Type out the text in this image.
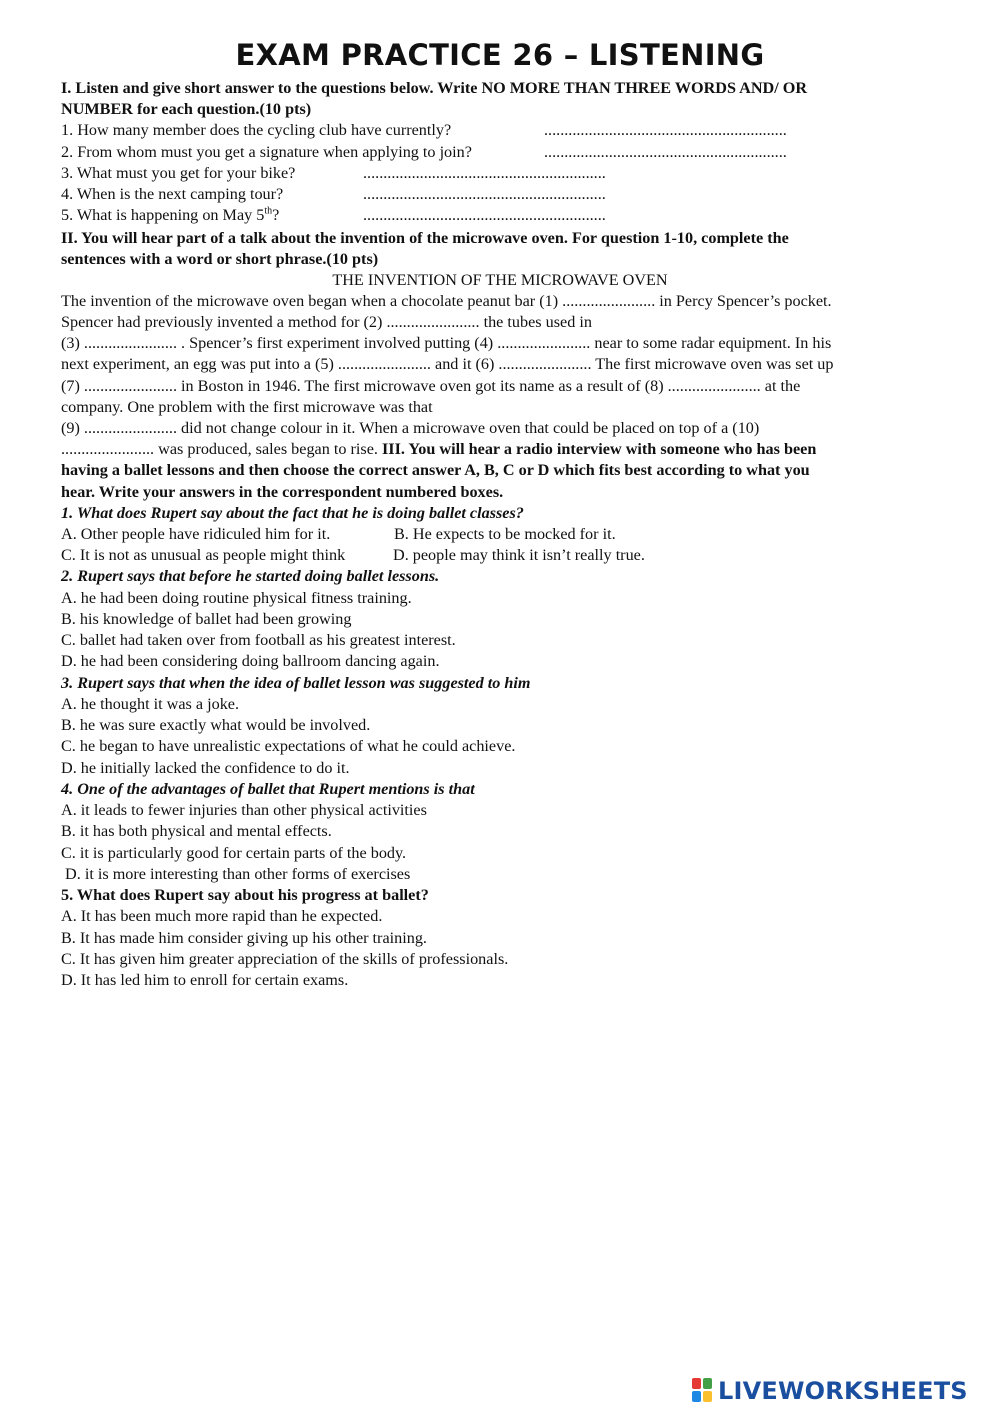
EXAM PRACTICE 26 – LISTENING
I. Listen and give short answer to the questions below. Write NO MORE THAN THREE WORDS AND/ OR
NUMBER for each question.(10 pts)
1. How many member does the cycling club have currently?	............................................................
2. From whom must you get a signature when applying to join?	............................................................
3. What must you get for your bike?	............................................................
4. When is the next camping tour?	............................................................
5. What is happening on May 5th?	............................................................
II. You will hear part of a talk about the invention of the microwave oven. For question 1-10, complete the
sentences with a word or short phrase.(10 pts)
THE INVENTION OF THE MICROWAVE OVEN
The invention of the microwave oven began when a chocolate peanut bar (1) ....................... in Percy Spencer’s pocket.
Spencer had previously invented a method for (2) ....................... the tubes used in
(3) ....................... . Spencer’s first experiment involved putting (4) ....................... near to some radar equipment. In his
next experiment, an egg was put into a (5) ....................... and it (6) ....................... The first microwave oven was set up
(7) ....................... in Boston in 1946. The first microwave oven got its name as a result of (8) ....................... at the
company. One problem with the first microwave was that
(9) ....................... did not change colour in it. When a microwave oven that could be placed on top of a (10)
....................... was produced, sales began to rise. III. You will hear a radio interview with someone who has been
having a ballet lessons and then choose the correct answer A, B, C or D which fits best according to what you
hear. Write your answers in the correspondent numbered boxes.
1. What does Rupert say about the fact that he is doing ballet classes?
A. Other people have ridiculed him for it.	B. He expects to be mocked for it.
C. It is not as unusual as people might think	D. people may think it isn’t really true.
2. Rupert says that before he started doing ballet lessons.
A. he had been doing routine physical fitness training.
B. his knowledge of ballet had been growing
C. ballet had taken over from football as his greatest interest.
D. he had been considering doing ballroom dancing again.
3. Rupert says that when the idea of ballet lesson was suggested to him
A. he thought it was a joke.
B. he was sure exactly what would be involved.
C. he began to have unrealistic expectations of what he could achieve.
D. he initially lacked the confidence to do it.
4. One of the advantages of ballet that Rupert mentions is that
A. it leads to fewer injuries than other physical activities
B. it has both physical and mental effects.
C. it is particularly good for certain parts of the body.
D. it is more interesting than other forms of exercises
5. What does Rupert say about his progress at ballet?
A. It has been much more rapid than he expected.
B. It has made him consider giving up his other training.
C. It has given him greater appreciation of the skills of professionals.
D. It has led him to enroll for certain exams.
LIVEWORKSHEETS
